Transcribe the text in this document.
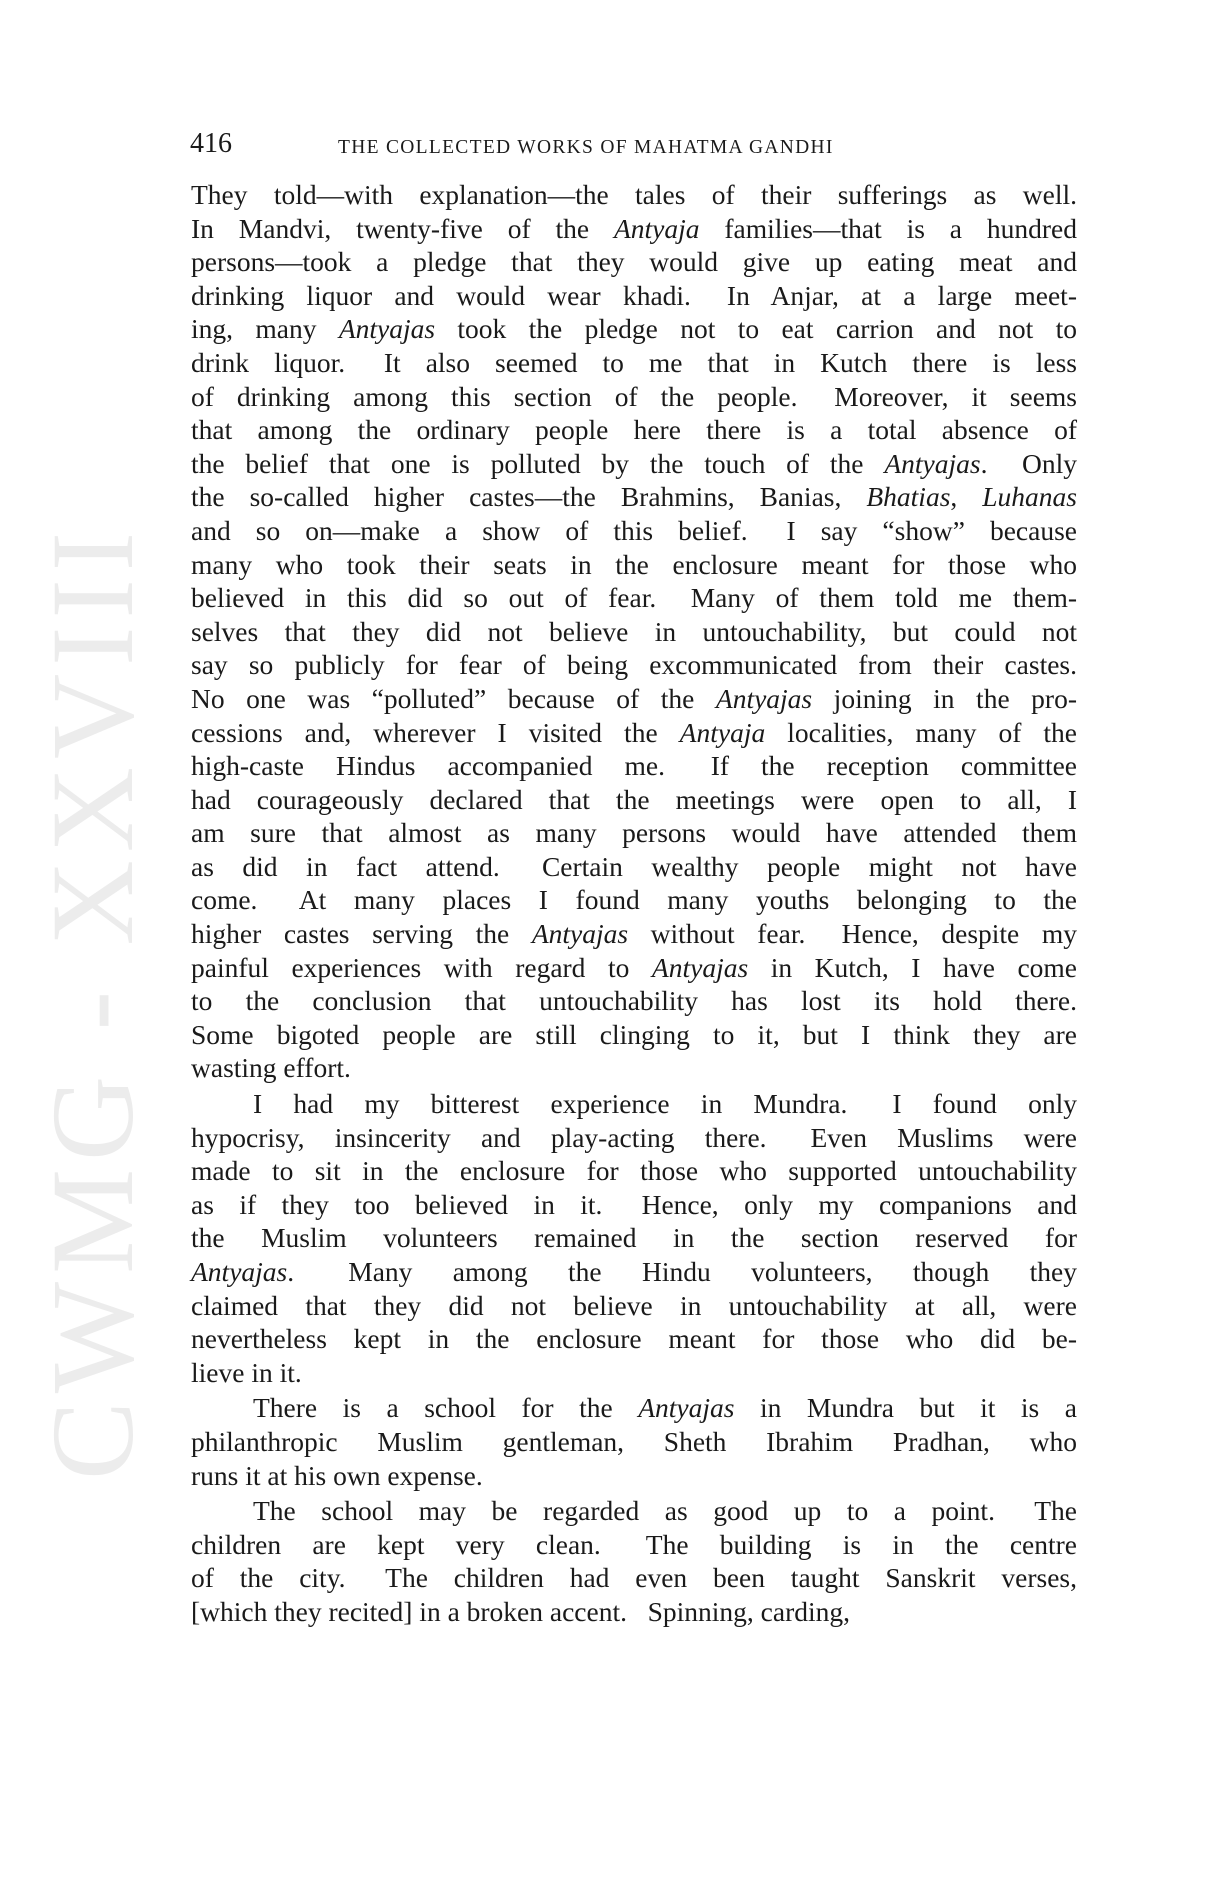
CWMG - XXVIII
416	THE COLLECTED WORKS OF MAHATMA GANDHI
They told—with explanation—the tales of their sufferings as well.
In Mandvi, twenty-five of the Antyaja families—that is a hundred
persons—took a pledge that they would give up eating meat and
drinking liquor and would wear khadi.  In Anjar, at a large meet-
ing, many Antyajas took the pledge not to eat carrion and not to
drink liquor.  It also seemed to me that in Kutch there is less
of drinking among this section of the people.  Moreover, it seems
that among the ordinary people here there is a total absence of
the belief that one is polluted by the touch of the Antyajas.  Only
the so-called higher castes—the Brahmins, Banias, Bhatias, Luhanas
and so on—make a show of this belief.  I say “show” because
many who took their seats in the enclosure meant for those who
believed in this did so out of fear.  Many of them told me them-
selves that they did not believe in untouchability, but could not
say so publicly for fear of being excommunicated from their castes.
No one was “polluted” because of the Antyajas joining in the pro-
cessions and, wherever I visited the Antyaja localities, many of the
high-caste Hindus accompanied me.  If the reception committee
had courageously declared that the meetings were open to all, I
am sure that almost as many persons would have attended them
as did in fact attend.  Certain wealthy people might not have
come.  At many places I found many youths belonging to the
higher castes serving the Antyajas without fear.  Hence, despite my
painful experiences with regard to Antyajas in Kutch, I have come
to the conclusion that untouchability has lost its hold there.
Some bigoted people are still clinging to it, but I think they are
wasting effort.
I had my bitterest experience in Mundra.  I found only
hypocrisy, insincerity and play-acting there.  Even Muslims were
made to sit in the enclosure for those who supported untouchability
as if they too believed in it.  Hence, only my companions and
the Muslim volunteers remained in the section reserved for
Antyajas.  Many among the Hindu volunteers, though they
claimed that they did not believe in untouchability at all, were
nevertheless kept in the enclosure meant for those who did be-
lieve in it.
There is a school for the Antyajas in Mundra but it is a
philanthropic Muslim gentleman, Sheth Ibrahim Pradhan, who
runs it at his own expense.
The school may be regarded as good up to a point.  The
children are kept very clean.  The building is in the centre
of the city.  The children had even been taught Sanskrit verses,
[which they recited] in a broken accent.  Spinning, carding,
